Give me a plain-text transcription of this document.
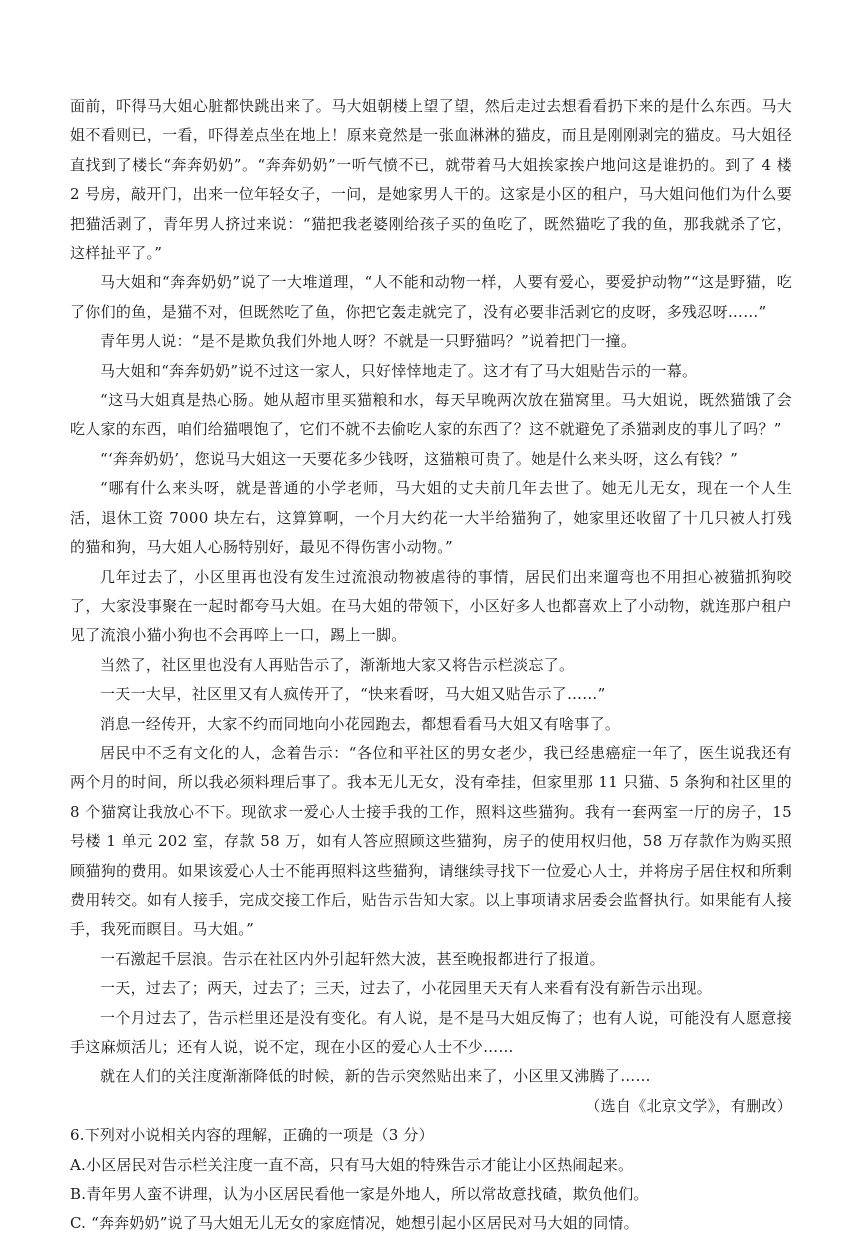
面前，吓得马大姐心脏都快跳出来了。马大姐朝楼上望了望，然后走过去想看看扔下来的是什么东西。马大姐不看则已，一看，吓得差点坐在地上！原来竟然是一张血淋淋的猫皮，而且是刚刚剥完的猫皮。马大姐径直找到了楼长“奔奔奶奶”。“奔奔奶奶”一听气愤不已，就带着马大姐挨家挨户地问这是谁扔的。到了 4 楼 2 号房，敲开门，出来一位年轻女子，一问，是她家男人干的。这家是小区的租户，马大姐问他们为什么要把猫活剥了，青年男人挤过来说：“猫把我老婆刚给孩子买的鱼吃了，既然猫吃了我的鱼，那我就杀了它，这样扯平了。”

马大姐和“奔奔奶奶”说了一大堆道理，“人不能和动物一样，人要有爱心，要爱护动物”“这是野猫，吃了你们的鱼，是猫不对，但既然吃了鱼，你把它轰走就完了，没有必要非活剥它的皮呀，多残忍呀……”

青年男人说：“是不是欺负我们外地人呀？不就是一只野猫吗？”说着把门一撞。

马大姐和“奔奔奶奶”说不过这一家人，只好悻悻地走了。这才有了马大姐贴告示的一幕。

“这马大姐真是热心肠。她从超市里买猫粮和水，每天早晚两次放在猫窝里。马大姐说，既然猫饿了会吃人家的东西，咱们给猫喂饱了，它们不就不去偷吃人家的东西了？这不就避免了杀猫剥皮的事儿了吗？”

“‘奔奔奶奶’，您说马大姐这一天要花多少钱呀，这猫粮可贵了。她是什么来头呀，这么有钱？”

“哪有什么来头呀，就是普通的小学老师，马大姐的丈夫前几年去世了。她无儿无女，现在一个人生活，退休工资 7000 块左右，这算算啊，一个月大约花一大半给猫狗了，她家里还收留了十几只被人打残的猫和狗，马大姐人心肠特别好，最见不得伤害小动物。”

几年过去了，小区里再也没有发生过流浪动物被虐待的事情，居民们出来遛弯也不用担心被猫抓狗咬了，大家没事聚在一起时都夸马大姐。在马大姐的带领下，小区好多人也都喜欢上了小动物，就连那户租户见了流浪小猫小狗也不会再啐上一口，踢上一脚。

当然了，社区里也没有人再贴告示了，渐渐地大家又将告示栏淡忘了。

一天一大早，社区里又有人疯传开了，“快来看呀，马大姐又贴告示了……”

消息一经传开，大家不约而同地向小花园跑去，都想看看马大姐又有啥事了。

居民中不乏有文化的人，念着告示：“各位和平社区的男女老少，我已经患癌症一年了，医生说我还有两个月的时间，所以我必须料理后事了。我本无儿无女，没有牵挂，但家里那 11 只猫、5 条狗和社区里的 8 个猫窝让我放心不下。现欲求一爱心人士接手我的工作，照料这些猫狗。我有一套两室一厅的房子，15 号楼 1 单元 202 室，存款 58 万，如有人答应照顾这些猫狗，房子的使用权归他，58 万存款作为购买照顾猫狗的费用。如果该爱心人士不能再照料这些猫狗，请继续寻找下一位爱心人士，并将房子居住权和所剩费用转交。如有人接手，完成交接工作后，贴告示告知大家。以上事项请求居委会监督执行。如果能有人接手，我死而瞑目。马大姐。”

一石激起千层浪。告示在社区内外引起轩然大波，甚至晚报都进行了报道。

一天，过去了；两天，过去了；三天，过去了，小花园里天天有人来看有没有新告示出现。

一个月过去了，告示栏里还是没有变化。有人说，是不是马大姐反悔了；也有人说，可能没有人愿意接手这麻烦活儿；还有人说，说不定，现在小区的爱心人士不少……

就在人们的关注度渐渐降低的时候，新的告示突然贴出来了，小区里又沸腾了……

（选自《北京文学》，有删改）

6.下列对小说相关内容的理解，正确的一项是（3 分）

A.小区居民对告示栏关注度一直不高，只有马大姐的特殊告示才能让小区热闹起来。

B.青年男人蛮不讲理，认为小区居民看他一家是外地人，所以常故意找碴，欺负他们。

C. “奔奔奶奶”说了马大姐无儿无女的家庭情况，她想引起小区居民对马大姐的同情。
